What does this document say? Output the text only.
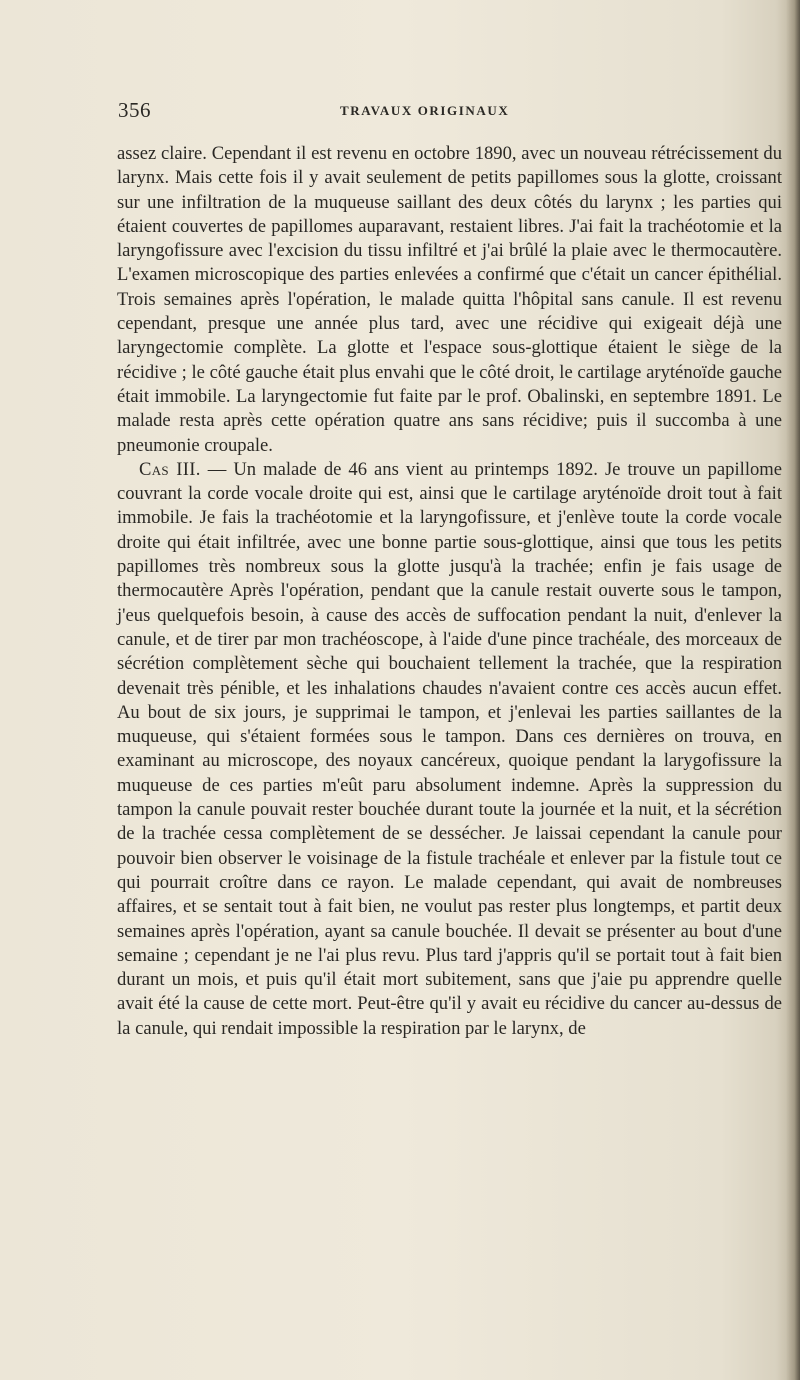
356	TRAVAUX ORIGINAUX

assez claire. Cependant il est revenu en octobre 1890, avec un nouveau rétrécissement du larynx. Mais cette fois il y avait seulement de petits papillomes sous la glotte, croissant sur une infiltration de la muqueuse saillant des deux côtés du larynx ; les parties qui étaient couvertes de papillomes auparavant, restaient libres. J'ai fait la trachéotomie et la laryngofissure avec l'excision du tissu infiltré et j'ai brûlé la plaie avec le thermocautère. L'examen microscopique des parties enlevées a confirmé que c'était un cancer épithélial. Trois semaines après l'opération, le malade quitta l'hôpital sans canule. Il est revenu cependant, presque une année plus tard, avec une récidive qui exigeait déjà une laryngectomie complète. La glotte et l'espace sous-glottique étaient le siège de la récidive ; le côté gauche était plus envahi que le côté droit, le cartilage aryténoïde gauche était immobile. La laryngectomie fut faite par le prof. Obalinski, en septembre 1891. Le malade resta après cette opération quatre ans sans récidive; puis il succomba à une pneumonie croupale.

Cas III. — Un malade de 46 ans vient au printemps 1892. Je trouve un papillome couvrant la corde vocale droite qui est, ainsi que le cartilage aryténoïde droit tout à fait immobile. Je fais la trachéotomie et la laryngofissure, et j'enlève toute la corde vocale droite qui était infiltrée, avec une bonne partie sous-glottique, ainsi que tous les petits papillomes très nombreux sous la glotte jusqu'à la trachée; enfin je fais usage de thermocautère Après l'opération, pendant que la canule restait ouverte sous le tampon, j'eus quelquefois besoin, à cause des accès de suffocation pendant la nuit, d'enlever la canule, et de tirer par mon trachéoscope, à l'aide d'une pince trachéale, des morceaux de sécrétion complètement sèche qui bouchaient tellement la trachée, que la respiration devenait très pénible, et les inhalations chaudes n'avaient contre ces accès aucun effet. Au bout de six jours, je supprimai le tampon, et j'enlevai les parties saillantes de la muqueuse, qui s'étaient formées sous le tampon. Dans ces dernières on trouva, en examinant au microscope, des noyaux cancéreux, quoique pendant la larygofissure la muqueuse de ces parties m'eût paru absolument indemne. Après la suppression du tampon la canule pouvait rester bouchée durant toute la journée et la nuit, et la sécrétion de la trachée cessa complètement de se dessécher. Je laissai cependant la canule pour pouvoir bien observer le voisinage de la fistule trachéale et enlever par la fistule tout ce qui pourrait croître dans ce rayon. Le malade cependant, qui avait de nombreuses affaires, et se sentait tout à fait bien, ne voulut pas rester plus longtemps, et partit deux semaines après l'opération, ayant sa canule bouchée. Il devait se présenter au bout d'une semaine ; cependant je ne l'ai plus revu. Plus tard j'appris qu'il se portait tout à fait bien durant un mois, et puis qu'il était mort subitement, sans que j'aie pu apprendre quelle avait été la cause de cette mort. Peut-être qu'il y avait eu récidive du cancer au-dessus de la canule, qui rendait impossible la respiration par le larynx, de
